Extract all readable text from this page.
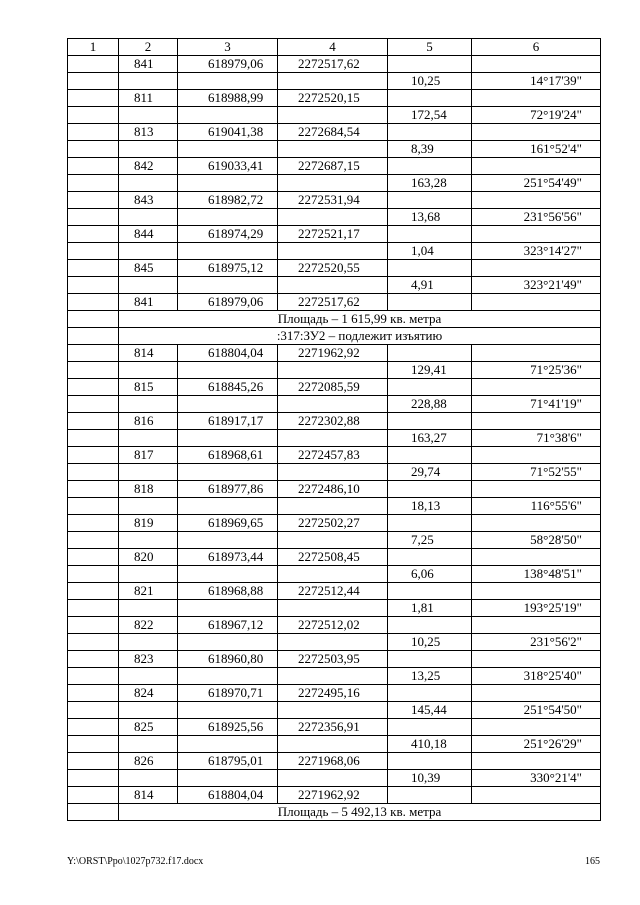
1	2	3	4	5	6
	841	618979,06	2272517,62		
				10,25	14°17'39"
	811	618988,99	2272520,15		
				172,54	72°19'24"
	813	619041,38	2272684,54		
				8,39	161°52'4"
	842	619033,41	2272687,15		
				163,28	251°54'49"
	843	618982,72	2272531,94		
				13,68	231°56'56"
	844	618974,29	2272521,17		
				1,04	323°14'27"
	845	618975,12	2272520,55		
				4,91	323°21'49"
	841	618979,06	2272517,62		
	Площадь – 1 615,99 кв. метра				
	:317:ЗУ2 – подлежит изъятию				
	814	618804,04	2271962,92		
				129,41	71°25'36"
	815	618845,26	2272085,59		
				228,88	71°41'19"
	816	618917,17	2272302,88		
				163,27	71°38'6"
	817	618968,61	2272457,83		
				29,74	71°52'55"
	818	618977,86	2272486,10		
				18,13	116°55'6"
	819	618969,65	2272502,27		
				7,25	58°28'50"
	820	618973,44	2272508,45		
				6,06	138°48'51"
	821	618968,88	2272512,44		
				1,81	193°25'19"
	822	618967,12	2272512,02		
				10,25	231°56'2"
	823	618960,80	2272503,95		
				13,25	318°25'40"
	824	618970,71	2272495,16		
				145,44	251°54'50"
	825	618925,56	2272356,91		
				410,18	251°26'29"
	826	618795,01	2271968,06		
				10,39	330°21'4"
	814	618804,04	2271962,92		
	Площадь – 5 492,13 кв. метра				
Y:\ORST\Ppo\1027p732.f17.docx	165
